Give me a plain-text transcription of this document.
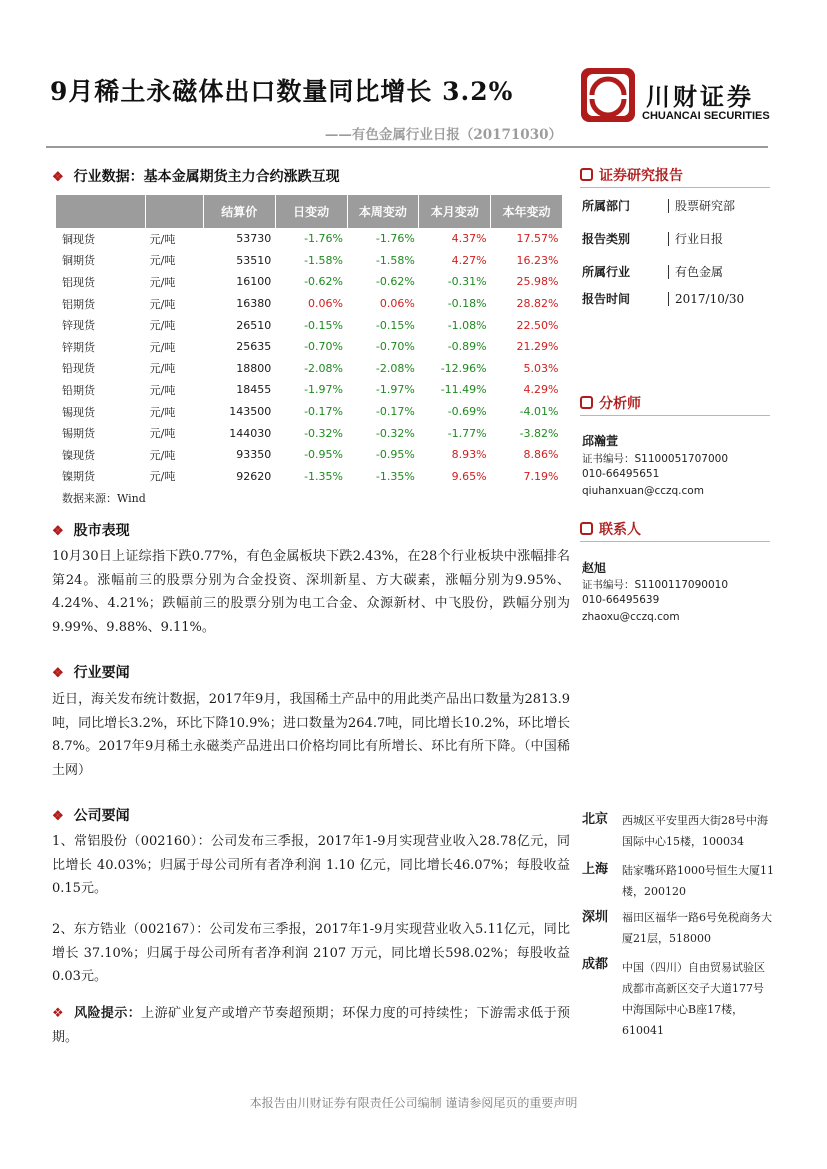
9月稀土永磁体出口数量同比增长 3.2%
——有色金属行业日报（20171030）
川财证券
CHUANCAI SECURITIES
❖ 行业数据：基本金属期货主力合约涨跌互现
		结算价	日变动	本周变动	本月变动	本年变动
铜现货	元/吨	53730	-1.76%	-1.76%	4.37%	17.57%
铜期货	元/吨	53510	-1.58%	-1.58%	4.27%	16.23%
铝现货	元/吨	16100	-0.62%	-0.62%	-0.31%	25.98%
铝期货	元/吨	16380	0.06%	0.06%	-0.18%	28.82%
锌现货	元/吨	26510	-0.15%	-0.15%	-1.08%	22.50%
锌期货	元/吨	25635	-0.70%	-0.70%	-0.89%	21.29%
铅现货	元/吨	18800	-2.08%	-2.08%	-12.96%	5.03%
铅期货	元/吨	18455	-1.97%	-1.97%	-11.49%	4.29%
锡现货	元/吨	143500	-0.17%	-0.17%	-0.69%	-4.01%
锡期货	元/吨	144030	-0.32%	-0.32%	-1.77%	-3.82%
镍现货	元/吨	93350	-0.95%	-0.95%	8.93%	8.86%
镍期货	元/吨	92620	-1.35%	-1.35%	9.65%	7.19%
数据来源：Wind
❖ 股市表现
10月30日上证综指下跌0.77%，有色金属板块下跌2.43%，在28个行业板块中涨幅排名第24。涨幅前三的股票分别为合金投资、深圳新星、方大碳素，涨幅分别为9.95%、4.24%、4.21%；跌幅前三的股票分别为电工合金、众源新材、中飞股份，跌幅分别为9.99%、9.88%、9.11%。
❖ 行业要闻
近日，海关发布统计数据，2017年9月，我国稀土产品中的用此类产品出口数量为2813.9吨，同比增长3.2%，环比下降10.9%；进口数量为264.7吨，同比增长10.2%，环比增长8.7%。2017年9月稀土永磁类产品进出口价格均同比有所增长、环比有所下降。（中国稀土网）
❖ 公司要闻
1、常铝股份（002160）：公司发布三季报，2017年1-9月实现营业收入28.78亿元，同比增长 40.03%；归属于母公司所有者净利润 1.10 亿元，同比增长46.07%；每股收益0.15元。
2、东方锆业（002167）：公司发布三季报，2017年1-9月实现营业收入5.11亿元，同比增长 37.10%；归属于母公司所有者净利润 2107 万元，同比增长598.02%；每股收益0.03元。
❖ 风险提示：上游矿业复产或增产节奏超预期；环保力度的可持续性；下游需求低于预期。
证券研究报告
所属部门	股票研究部
报告类别	行业日报
所属行业	有色金属
报告时间	2017/10/30
分析师
邱瀚萱
证书编号：S1100051707000
010-66495651
qiuhanxuan@cczq.com
联系人
赵旭
证书编号：S1100117090010
010-66495639
zhaoxu@cczq.com
北京 西城区平安里西大街28号中海国际中心15楼，100034
上海 陆家嘴环路1000号恒生大厦11楼，200120
深圳 福田区福华一路6号免税商务大厦21层，518000
成都 中国（四川）自由贸易试验区成都市高新区交子大道177号中海国际中心B座17楼，610041
本报告由川财证券有限责任公司编制 谨请参阅尾页的重要声明
